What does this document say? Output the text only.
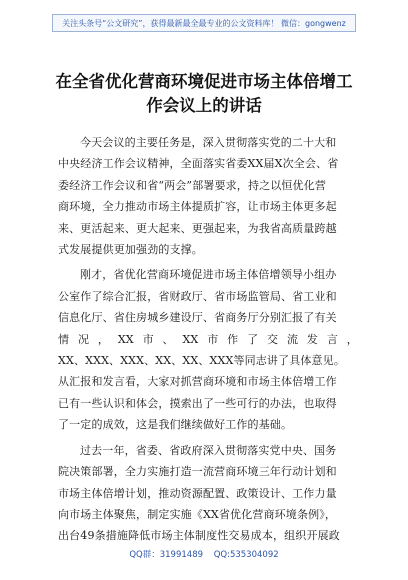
关注头条号“公文研究”，获得最新最全最专业的公文资料库！ 微信：gongwenz
在全省优化营商环境促进市场主体倍增工
作会议上的讲话
今天会议的主要任务是，深入贯彻落实党的二十大和
中央经济工作会议精神，全面落实省委XX届X次全会、省
委经济工作会议和省“两会”部署要求，持之以恒优化营
商环境，全力推动市场主体提质扩容，让市场主体更多起
来、更活起来、更大起来、更强起来，为我省高质量跨越
式发展提供更加强劲的支撑。
刚才，省优化营商环境促进市场主体倍增领导小组办
公室作了综合汇报，省财政厅、省市场监管局、省工业和
信息化厅、省住房城乡建设厅、省商务厅分别汇报了有关
情 况 ， XX 市 、 XX 市 作 了 交 流 发 言 ，
XX、XXX、XXX、XX、XX、XXX等同志讲了具体意见。
从汇报和发言看，大家对抓营商环境和市场主体倍增工作
已有一些认识和体会，摸索出了一些可行的办法，也取得
了一定的成效，这是我们继续做好工作的基础。
过去一年，省委、省政府深入贯彻落实党中央、国务
院决策部署，全力实施打造一流营商环境三年行动计划和
市场主体倍增计划，推动资源配置、政策设计、工作力量
向市场主体聚焦，制定实施《XX省优化营商环境条例》，
出台49条措施降低市场主体制度性交易成本，组织开展政
QQ群：31991489 QQ:535304092
